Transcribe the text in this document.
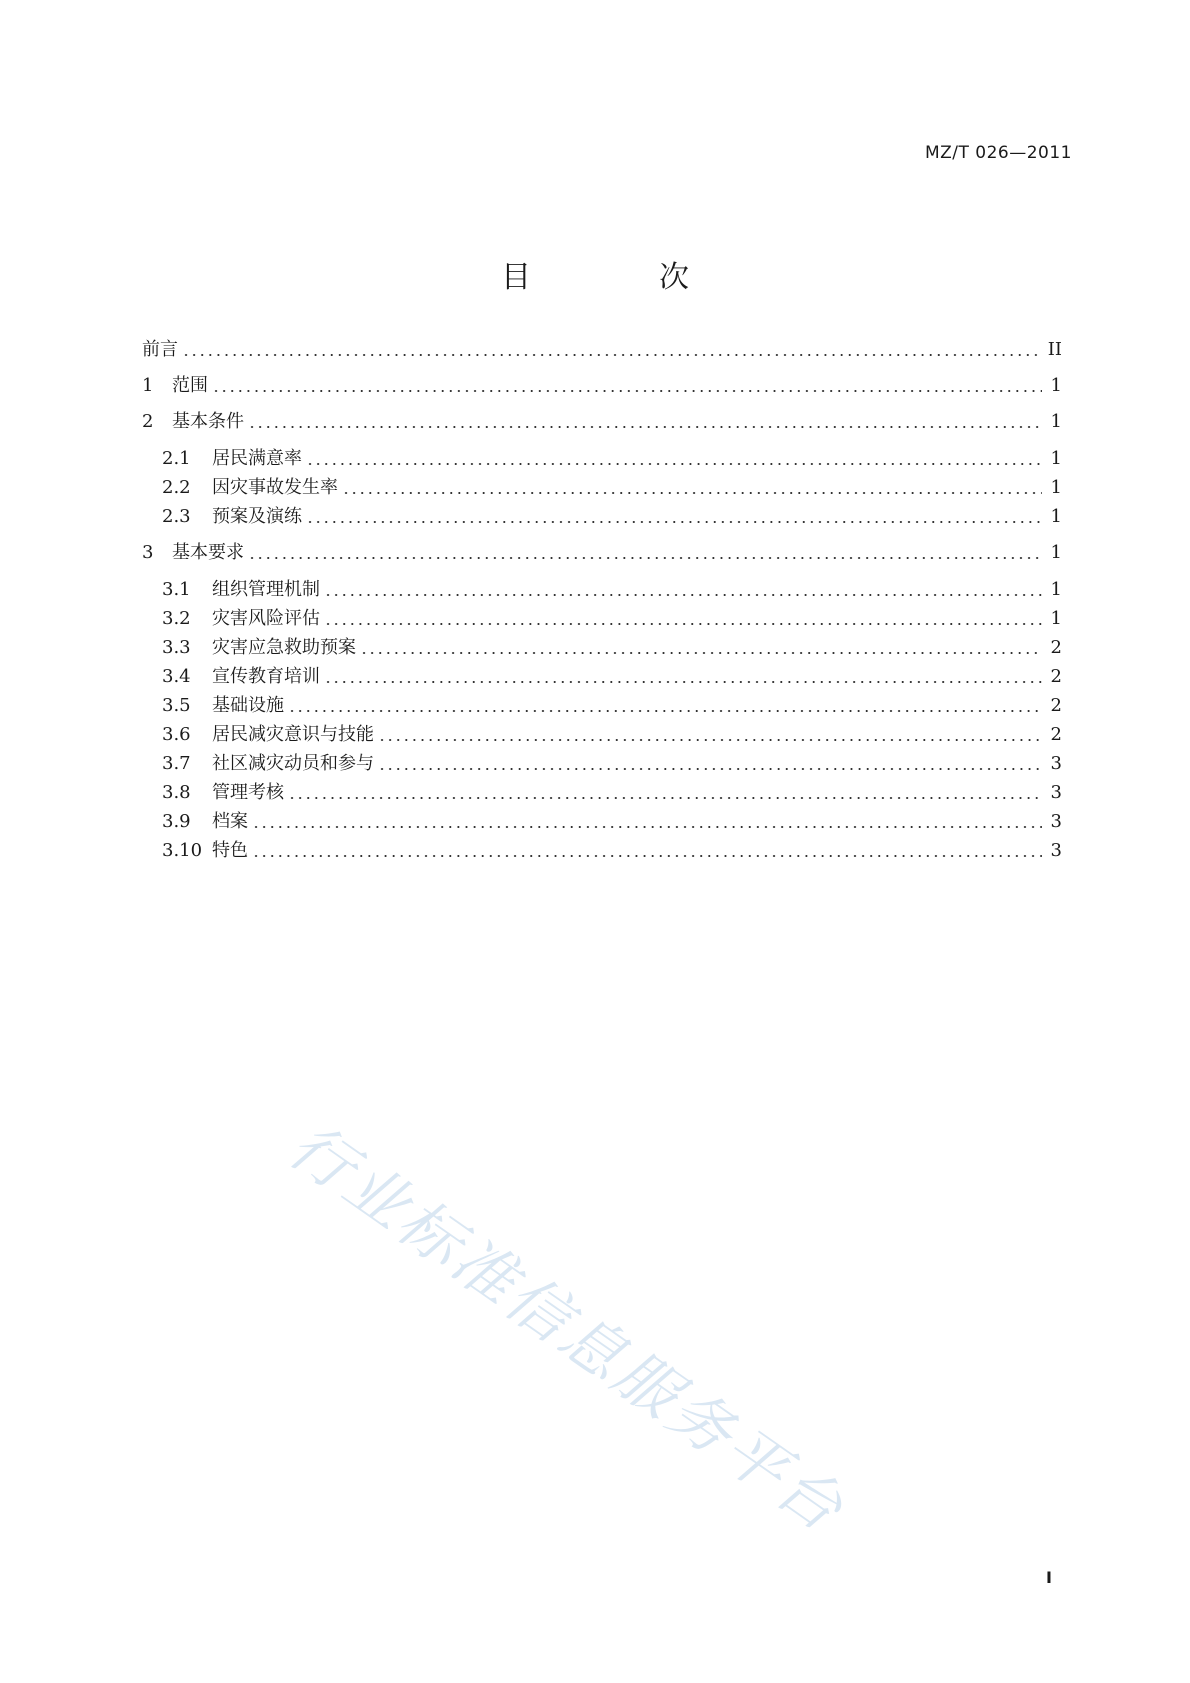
MZ/T 026—2011
目	次
前言	II
1	范围	1
2	基本条件	1
2.1	居民满意率	1
2.2	因灾事故发生率	1
2.3	预案及演练	1
3	基本要求	1
3.1	组织管理机制	1
3.2	灾害风险评估	1
3.3	灾害应急救助预案	2
3.4	宣传教育培训	2
3.5	基础设施	2
3.6	居民减灾意识与技能	2
3.7	社区减灾动员和参与	3
3.8	管理考核	3
3.9	档案	3
3.10 特色	3
行业标准信息服务平台
I
